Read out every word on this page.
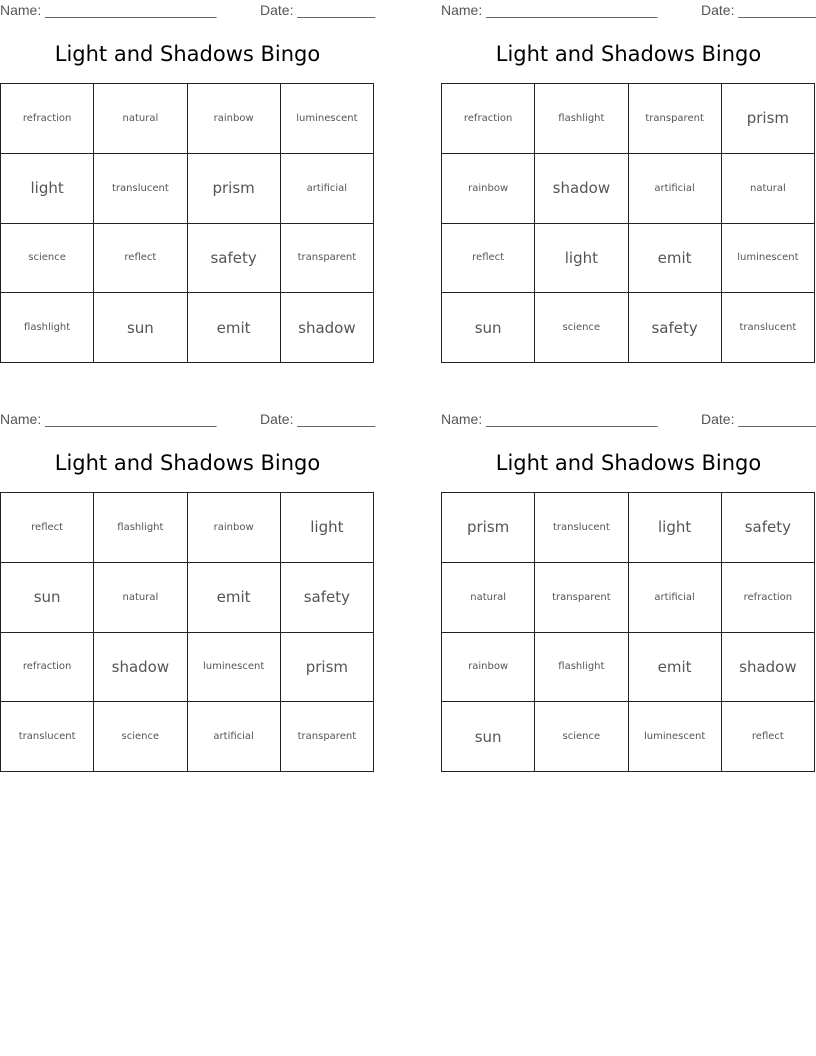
Name: ______________________	Date: __________
Light and Shadows Bingo
refraction	natural	rainbow	luminescent
light	translucent	prism	artificial
science	reflect	safety	transparent
flashlight	sun	emit	shadow
Name: ______________________	Date: __________
Light and Shadows Bingo
refraction	flashlight	transparent	prism
rainbow	shadow	artificial	natural
reflect	light	emit	luminescent
sun	science	safety	translucent
Name: ______________________	Date: __________
Light and Shadows Bingo
reflect	flashlight	rainbow	light
sun	natural	emit	safety
refraction	shadow	luminescent	prism
translucent	science	artificial	transparent
Name: ______________________	Date: __________
Light and Shadows Bingo
prism	translucent	light	safety
natural	transparent	artificial	refraction
rainbow	flashlight	emit	shadow
sun	science	luminescent	reflect
